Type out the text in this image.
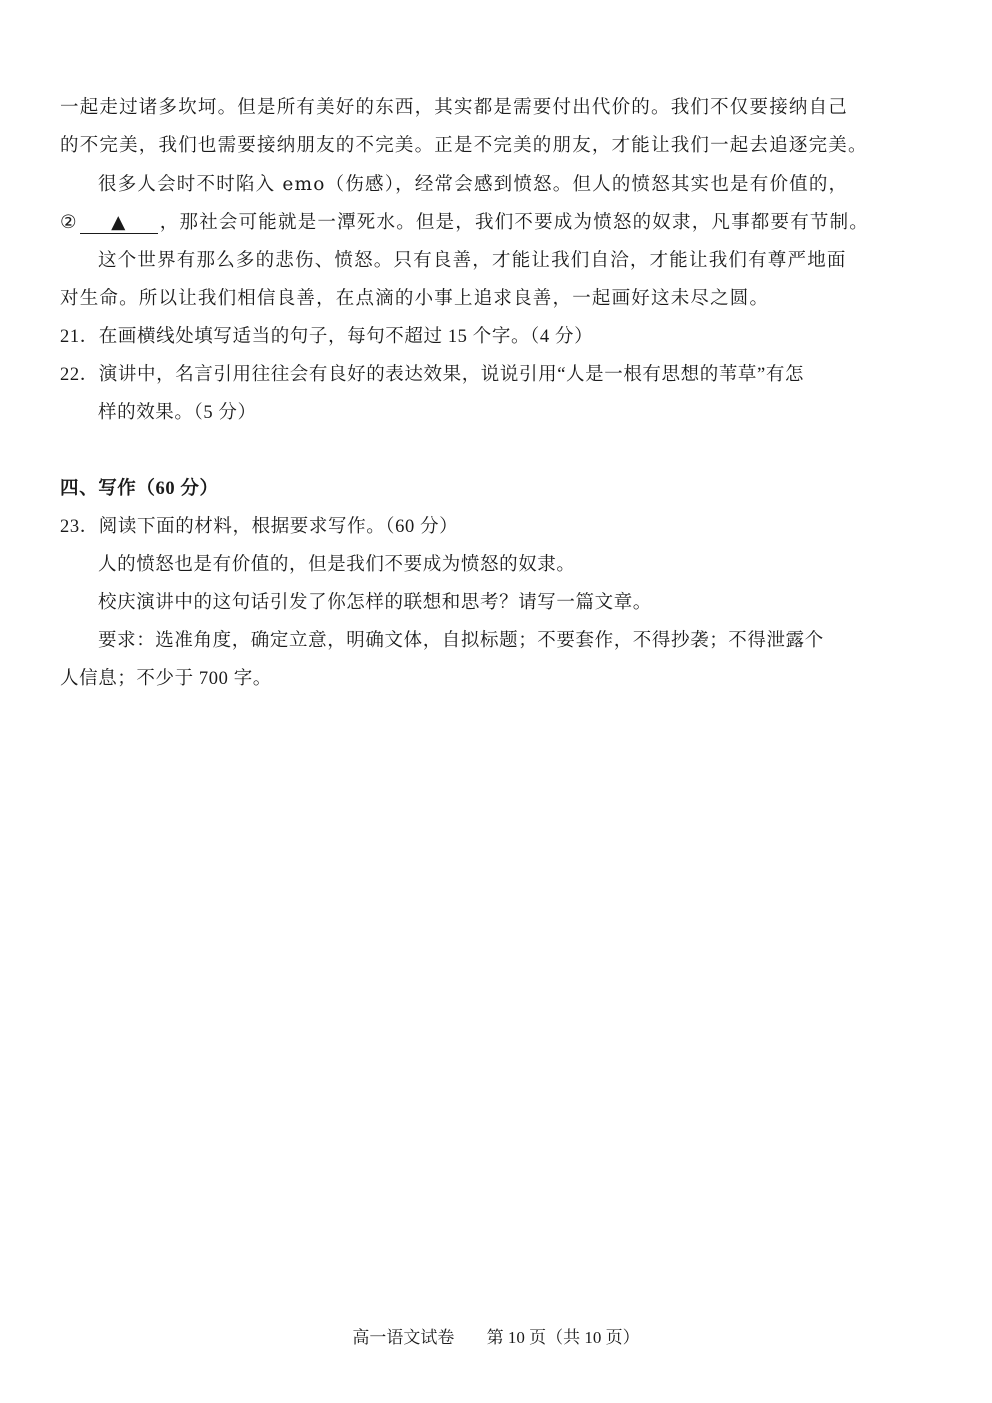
一起走过诸多坎坷。但是所有美好的东西，其实都是需要付出代价的。我们不仅要接纳自己
的不完美，我们也需要接纳朋友的不完美。正是不完美的朋友，才能让我们一起去追逐完美。
很多人会时不时陷入 emo（伤感），经常会感到愤怒。但人的愤怒其实也是有价值的，
② ▲ ，那社会可能就是一潭死水。但是，我们不要成为愤怒的奴隶，凡事都要有节制。
这个世界有那么多的悲伤、愤怒。只有良善，才能让我们自洽，才能让我们有尊严地面
对生命。所以让我们相信良善，在点滴的小事上追求良善，一起画好这未尽之圆。
21．在画横线处填写适当的句子，每句不超过 15 个字。（4 分）
22．演讲中，名言引用往往会有良好的表达效果，说说引用“人是一根有思想的苇草”有怎
样的效果。（5 分）
四、写作（60 分）
23．阅读下面的材料，根据要求写作。（60 分）
人的愤怒也是有价值的，但是我们不要成为愤怒的奴隶。
校庆演讲中的这句话引发了你怎样的联想和思考？请写一篇文章。
要求：选准角度，确定立意，明确文体，自拟标题；不要套作，不得抄袭；不得泄露个
人信息；不少于 700 字。
高一语文试卷 第 10 页（共 10 页）
